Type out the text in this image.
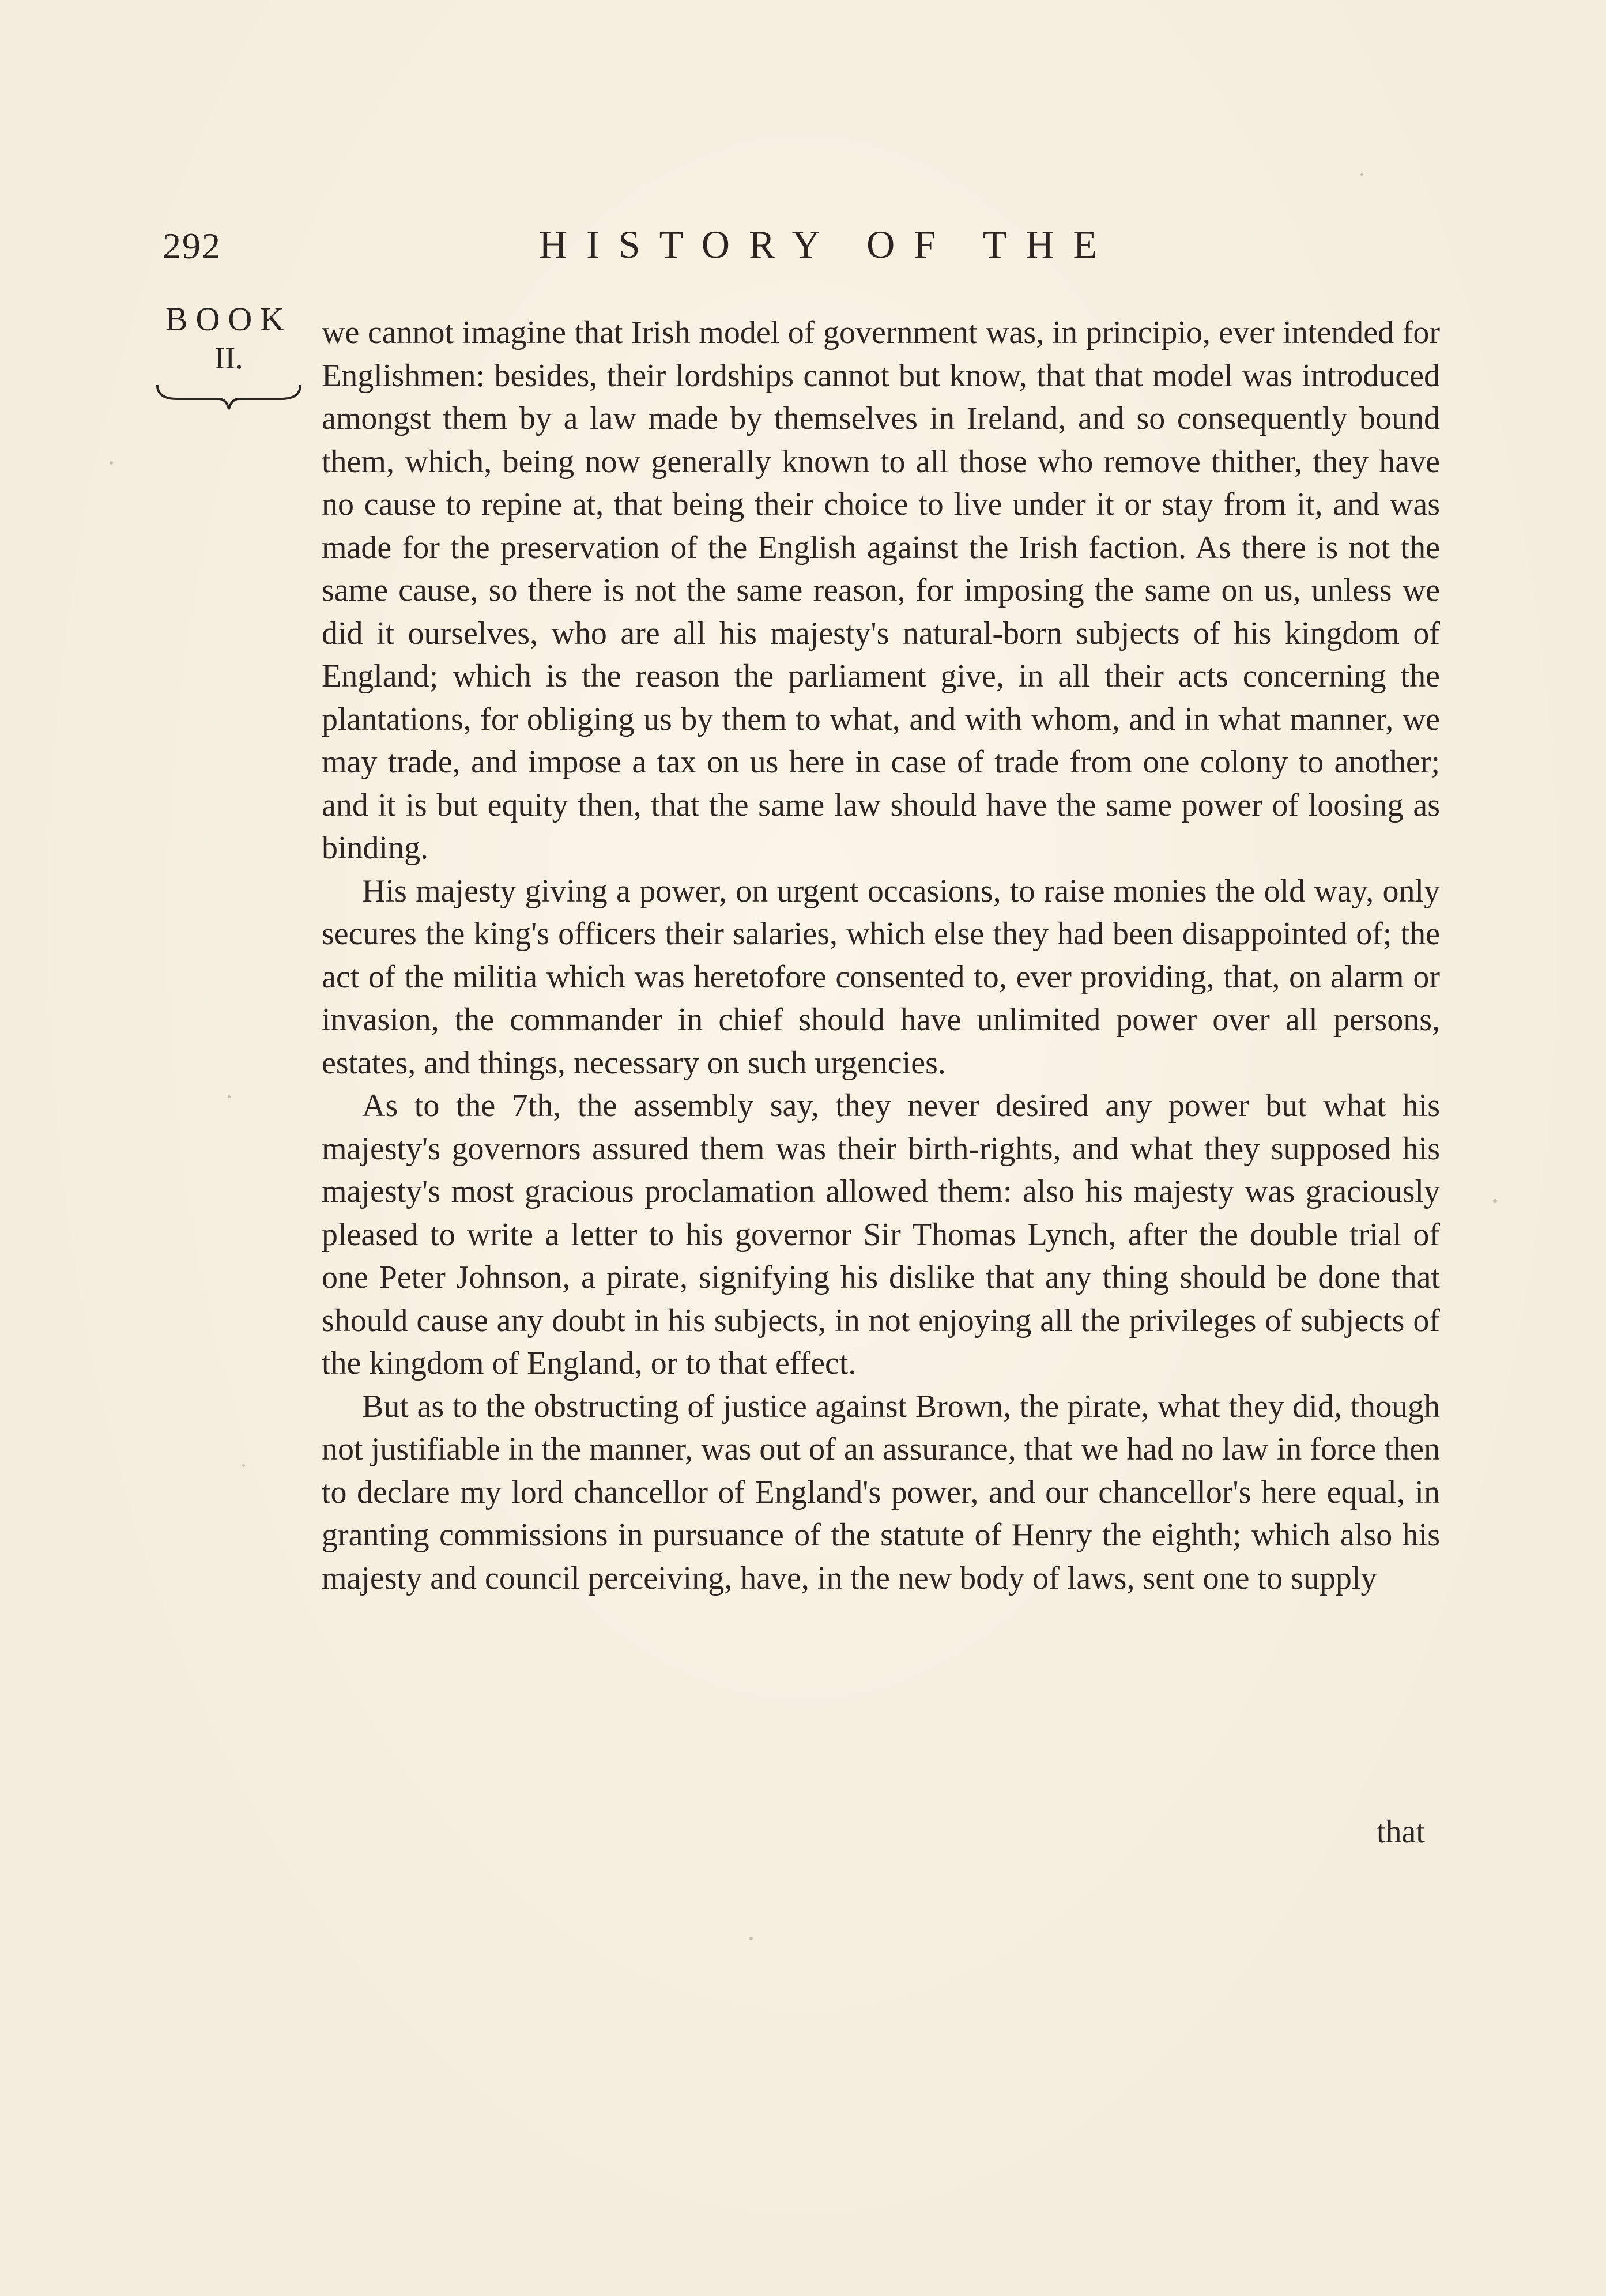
292	HISTORY OF THE
BOOK
II.

we cannot imagine that Irish model of government was, in principio, ever intended for Englishmen: besides, their lordships cannot but know, that that model was introduced amongst them by a law made by themselves in Ireland, and so consequently bound them, which, being now generally known to all those who remove thither, they have no cause to repine at, that being their choice to live under it or stay from it, and was made for the preservation of the English against the Irish faction. As there is not the same cause, so there is not the same reason, for imposing the same on us, unless we did it ourselves, who are all his majesty's natural-born subjects of his kingdom of England; which is the reason the parliament give, in all their acts concerning the plantations, for obliging us by them to what, and with whom, and in what manner, we may trade, and impose a tax on us here in case of trade from one colony to another; and it is but equity then, that the same law should have the same power of loosing as binding.

His majesty giving a power, on urgent occasions, to raise monies the old way, only secures the king's officers their salaries, which else they had been disappointed of; the act of the militia which was heretofore consented to, ever providing, that, on alarm or invasion, the commander in chief should have unlimited power over all persons, estates, and things, necessary on such urgencies.

As to the 7th, the assembly say, they never desired any power but what his majesty's governors assured them was their birth-rights, and what they supposed his majesty's most gracious proclamation allowed them: also his majesty was graciously pleased to write a letter to his governor Sir Thomas Lynch, after the double trial of one Peter Johnson, a pirate, signifying his dislike that any thing should be done that should cause any doubt in his subjects, in not enjoying all the privileges of subjects of the kingdom of England, or to that effect.

But as to the obstructing of justice against Brown, the pirate, what they did, though not justifiable in the manner, was out of an assurance, that we had no law in force then to declare my lord chancellor of England's power, and our chancellor's here equal, in granting commissions in pursuance of the statute of Henry the eighth; which also his majesty and council perceiving, have, in the new body of laws, sent one to supply

that
